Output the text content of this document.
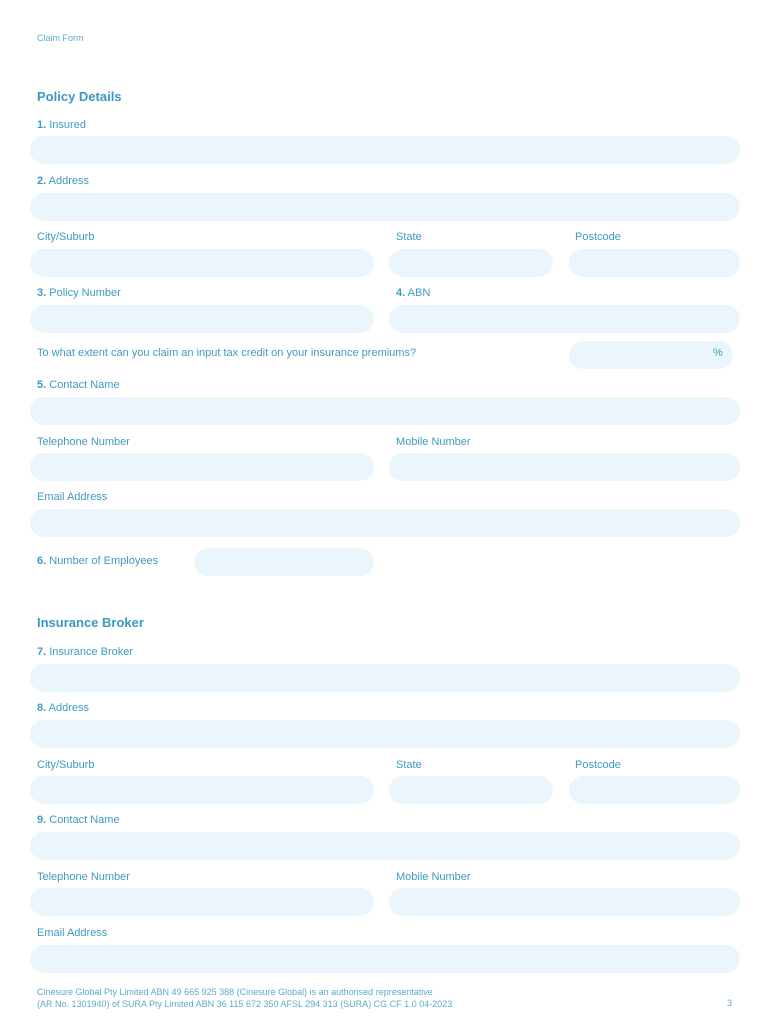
Claim Form
Policy Details
1. Insured
2. Address
City/Suburb	State	Postcode
3. Policy Number	4. ABN
To what extent can you claim an input tax credit on your insurance premiums?	%
5. Contact Name
Telephone Number	Mobile Number
Email Address
6. Number of Employees
Insurance Broker
7. Insurance Broker
8. Address
City/Suburb	State	Postcode
9. Contact Name
Telephone Number	Mobile Number
Email Address
Cinesure Global Pty Limited ABN 49 665 925 388 (Cinesure Global) is an authorised representative
(AR No. 1301940) of SURA Pty Limited ABN 36 115 672 350 AFSL 294 313 (SURA) CG CF 1.0 04-2023	3
